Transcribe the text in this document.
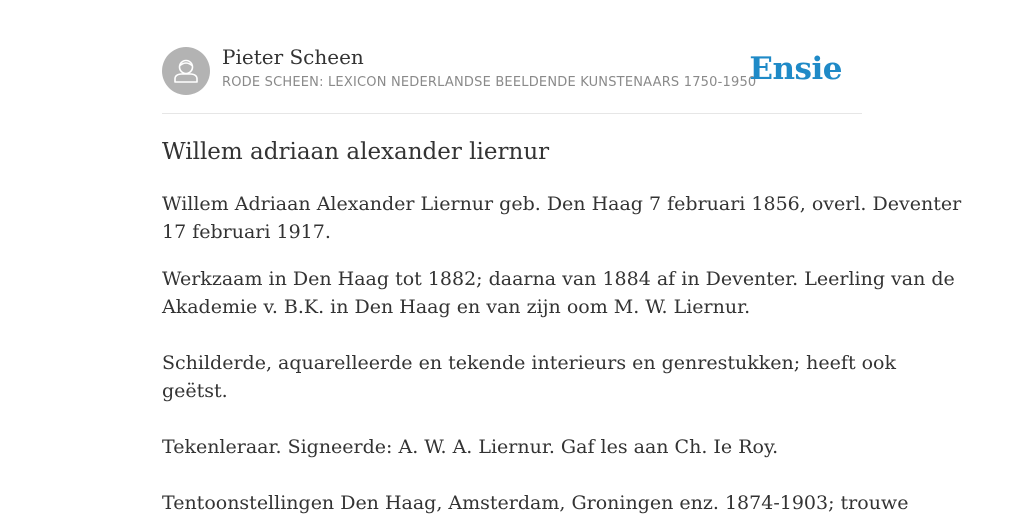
Pieter Scheen
RODE SCHEEN: LEXICON NEDERLANDSE BEELDENDE KUNSTENAARS 1750-1950
Ensie
Willem adriaan alexander liernur

Willem Adriaan Alexander Liernur geb. Den Haag 7 februari 1856, overl. Deventer

17 februari 1917.

Werkzaam in Den Haag tot 1882; daarna van 1884 af in Deventer. Leerling van de

Akademie v. B.K. in Den Haag en van zijn oom M. W. Liernur.

Schilderde, aquarelleerde en tekende interieurs en genrestukken; heeft ook

geëtst.

Tekenleraar. Signeerde: A. W. A. Liernur. Gaf les aan Ch. Ie Roy.

Tentoonstellingen Den Haag, Amsterdam, Groningen enz. 1874-1903; trouwe
